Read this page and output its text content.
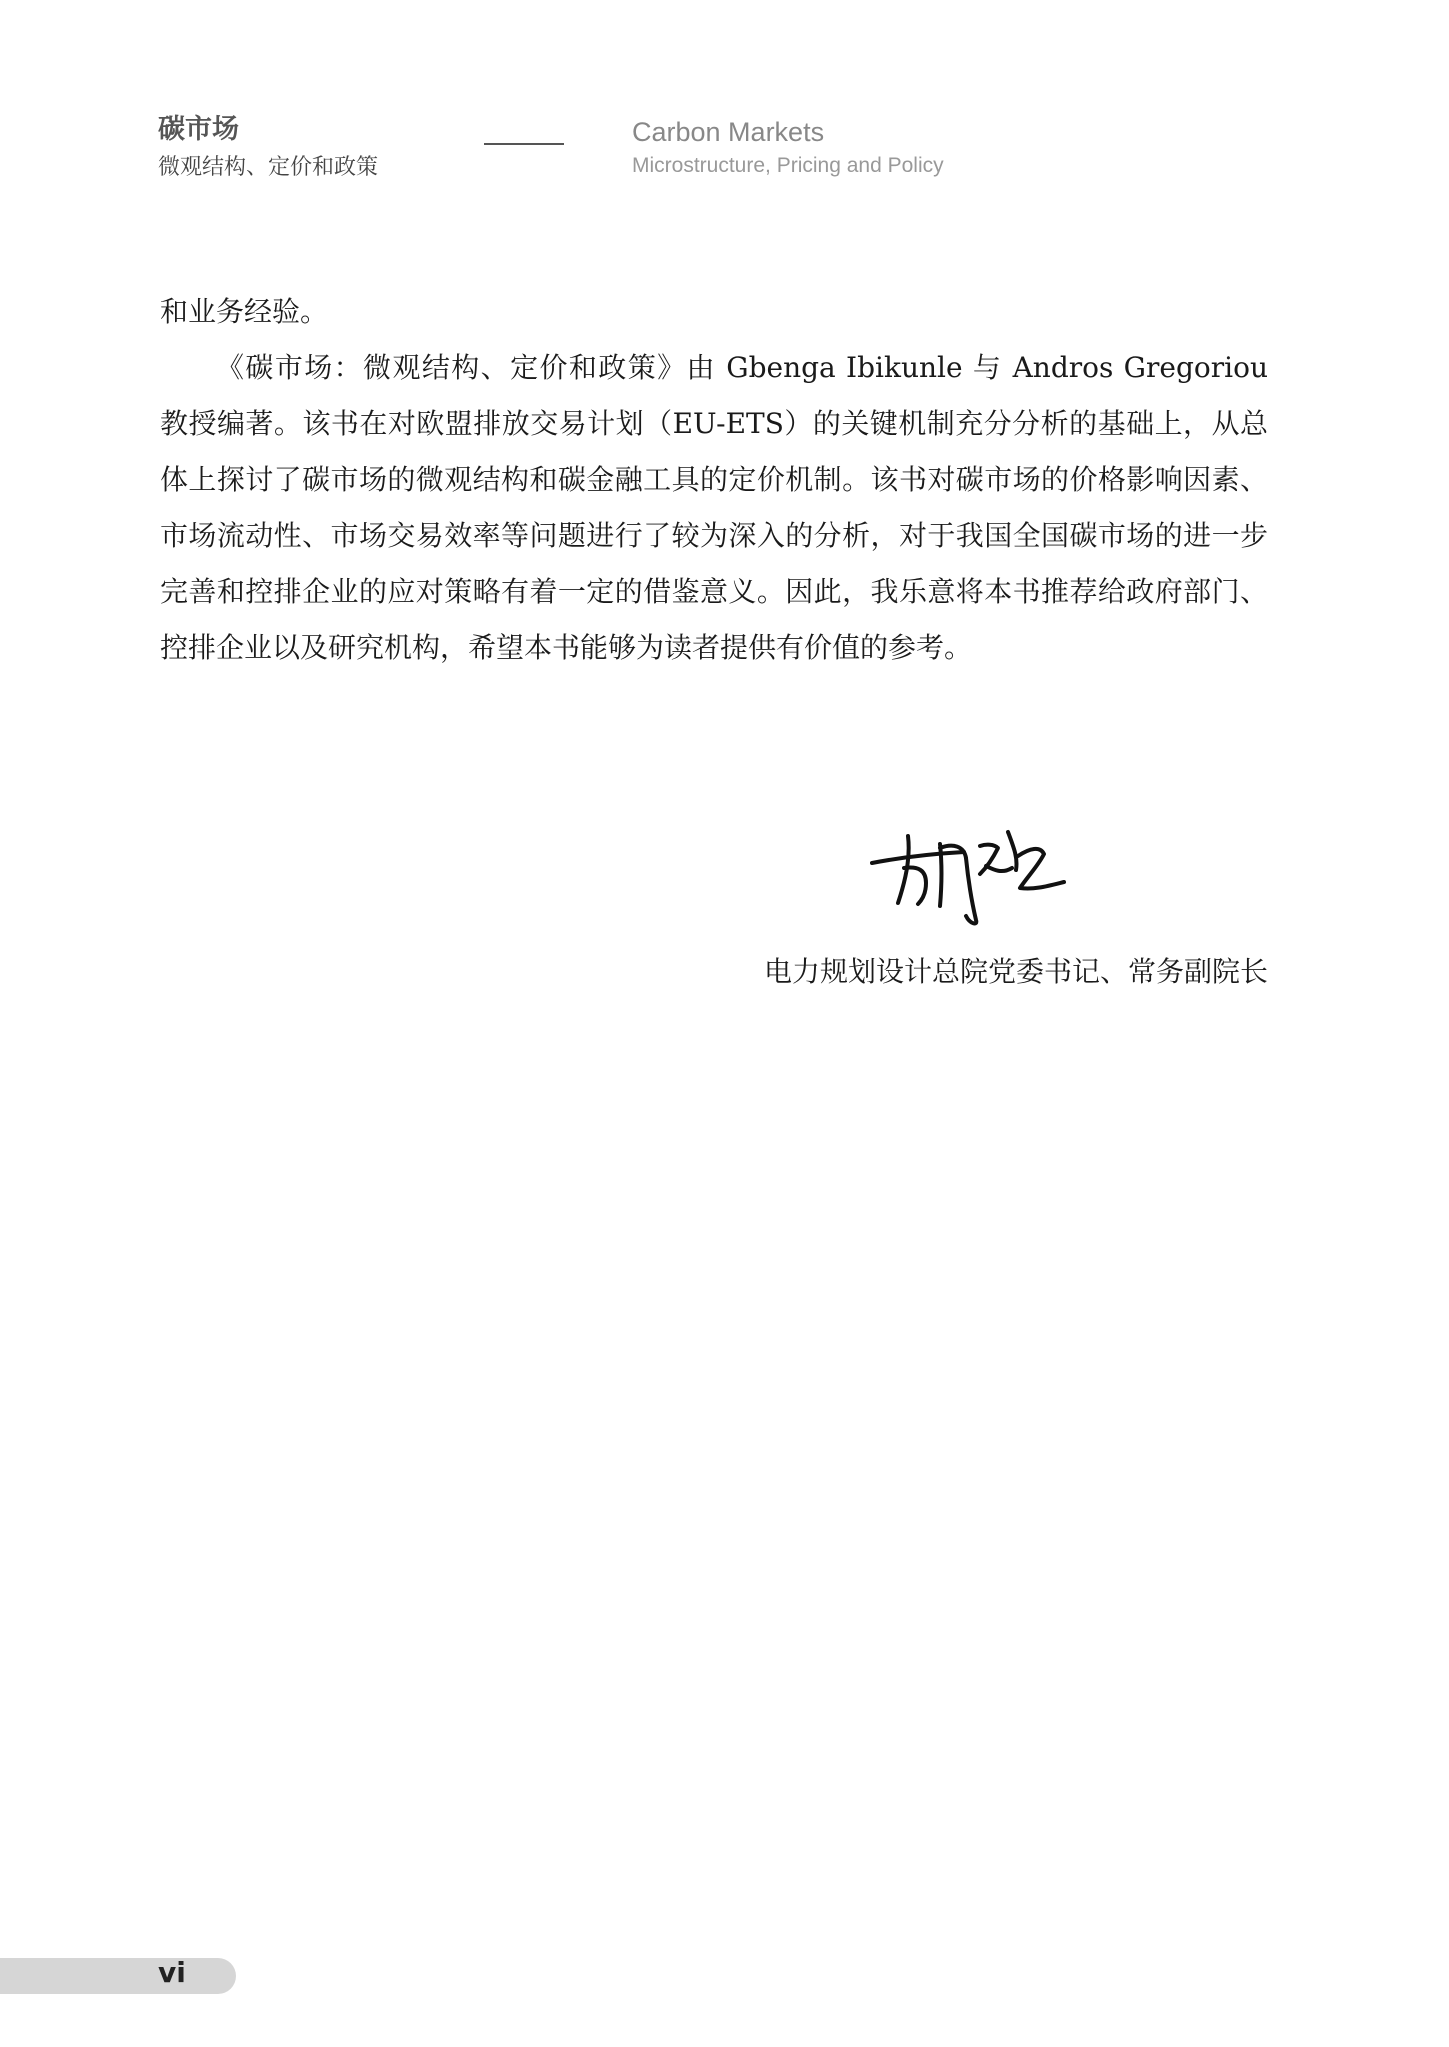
碳市场
微观结构、定价和政策
Carbon Markets
Microstructure, Pricing and Policy

和业务经验。

《碳市场：微观结构、定价和政策》由 Gbenga Ibikunle 与 Andros Gregoriou 教授编著。该书在对欧盟排放交易计划（EU-ETS）的关键机制充分分析的基础上，从总体上探讨了碳市场的微观结构和碳金融工具的定价机制。该书对碳市场的价格影响因素、市场流动性、市场交易效率等问题进行了较为深入的分析，对于我国全国碳市场的进一步完善和控排企业的应对策略有着一定的借鉴意义。因此，我乐意将本书推荐给政府部门、控排企业以及研究机构，希望本书能够为读者提供有价值的参考。

电力规划设计总院党委书记、常务副院长
vi
